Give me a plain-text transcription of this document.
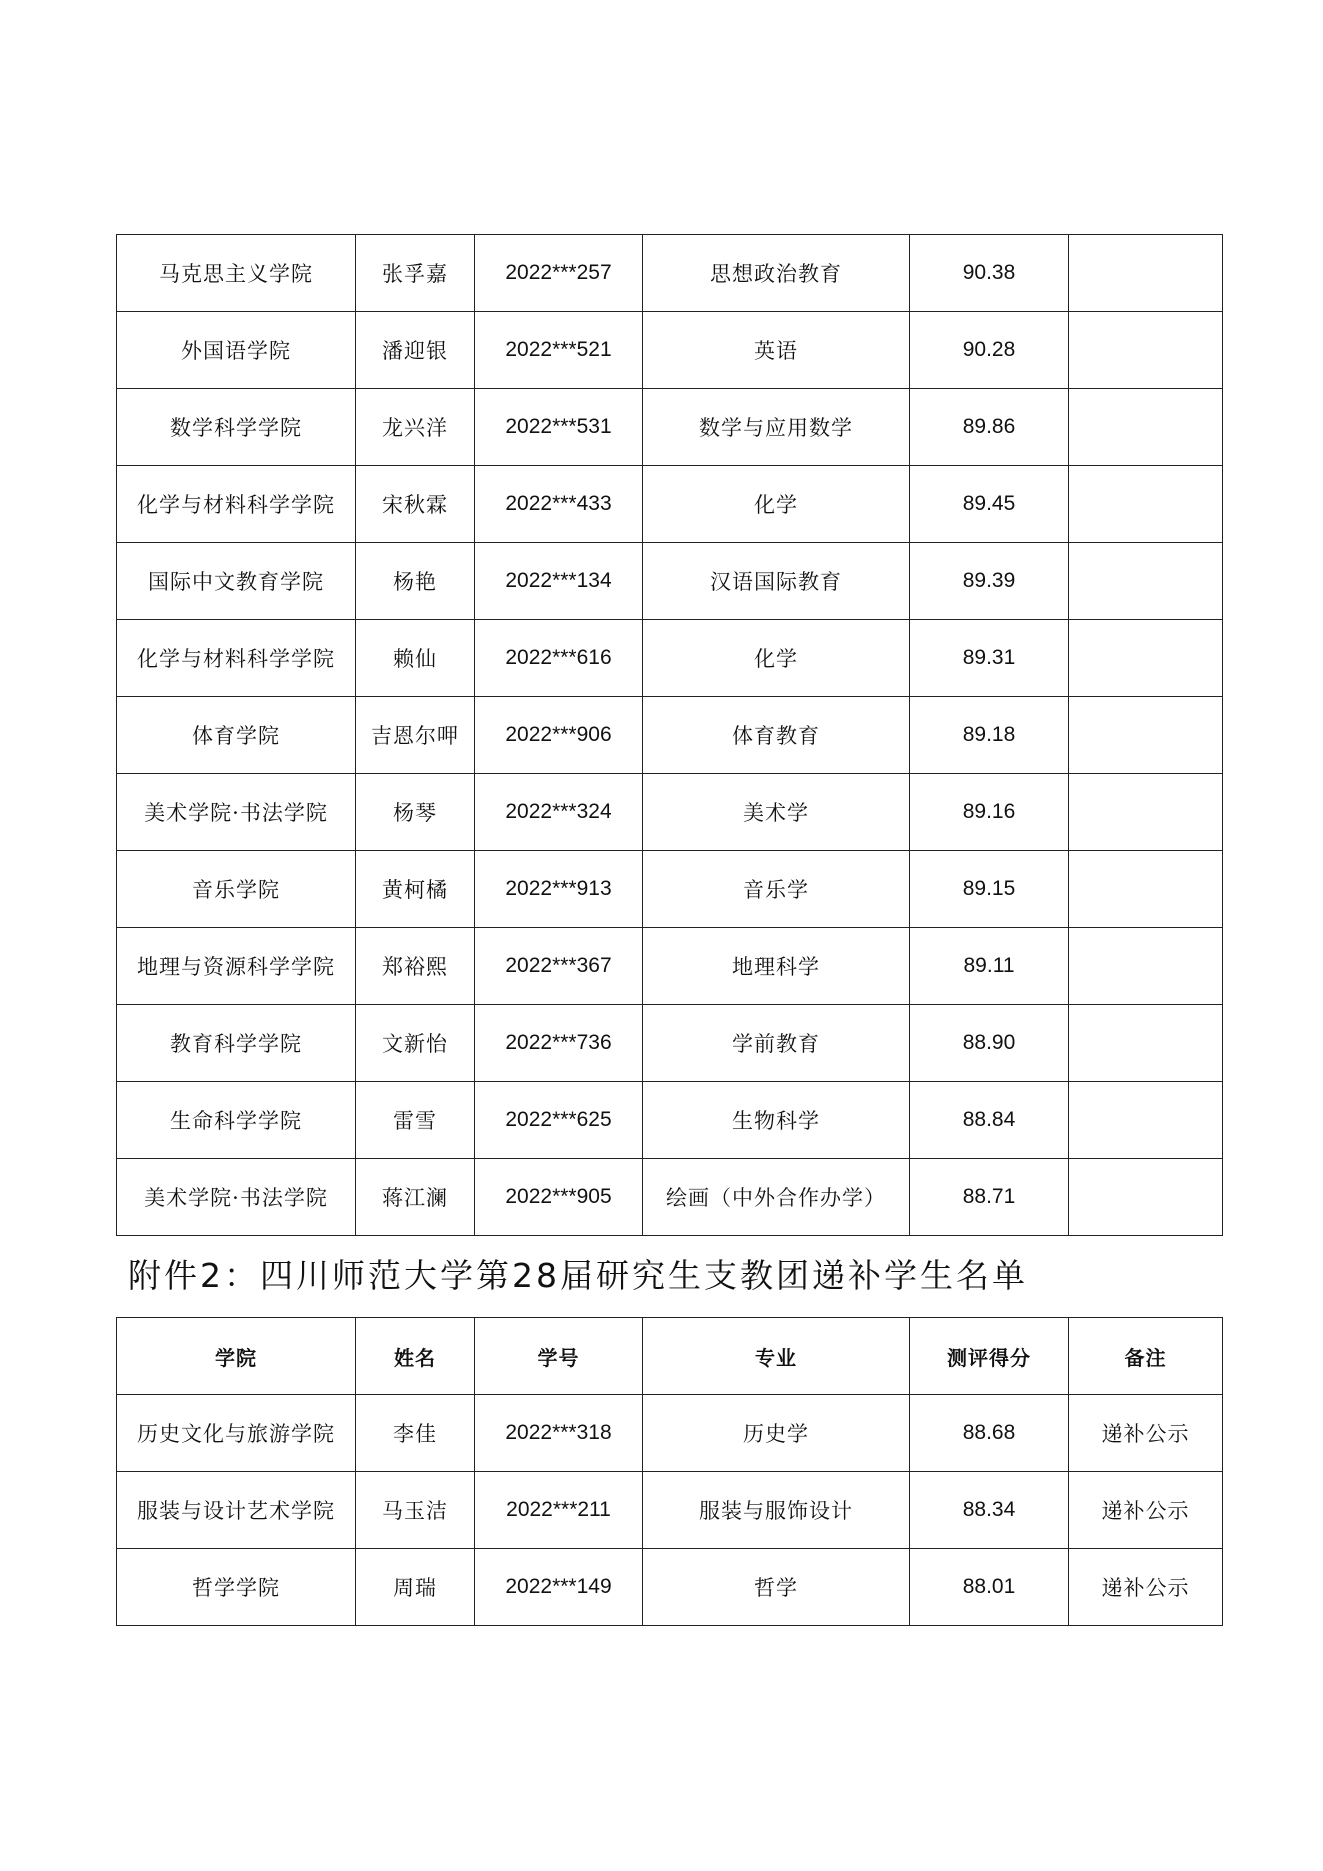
马克思主义学院	张孚嘉	2022***257	思想政治教育	90.38	
外国语学院	潘迎银	2022***521	英语	90.28	
数学科学学院	龙兴洋	2022***531	数学与应用数学	89.86	
化学与材料科学学院	宋秋霖	2022***433	化学	89.45	
国际中文教育学院	杨艳	2022***134	汉语国际教育	89.39	
化学与材料科学学院	赖仙	2022***616	化学	89.31	
体育学院	吉恩尔呷	2022***906	体育教育	89.18	
美术学院·书法学院	杨琴	2022***324	美术学	89.16	
音乐学院	黄柯橘	2022***913	音乐学	89.15	
地理与资源科学学院	郑裕熙	2022***367	地理科学	89.11	
教育科学学院	文新怡	2022***736	学前教育	88.90	
生命科学学院	雷雪	2022***625	生物科学	88.84	
美术学院·书法学院	蒋江澜	2022***905	绘画（中外合作办学）	88.71	
附件2：四川师范大学第28届研究生支教团递补学生名单
学院	姓名	学号	专业	测评得分	备注
历史文化与旅游学院	李佳	2022***318	历史学	88.68	递补公示
服装与设计艺术学院	马玉洁	2022***211	服装与服饰设计	88.34	递补公示
哲学学院	周瑞	2022***149	哲学	88.01	递补公示
